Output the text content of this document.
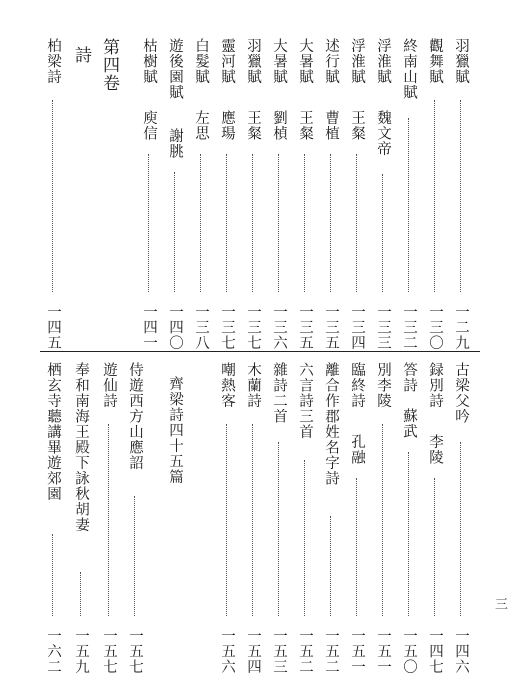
羽獵賦
一二九
觀舞賦
一三〇
終南山賦
一三二
浮淮賦
魏文帝
一三三
浮淮賦
王粲
一三四
述行賦
曹植
一三五
大暑賦
王粲
一三五
大暑賦
劉楨
一三六
羽獵賦
王粲
一三七
靈河賦
應瑒
一三七
白髮賦
左思
一三八
遊後園賦
謝朓
一四〇
枯樹賦
庾信
一四一
第四卷
詩
柏梁詩
一四五
古梁父吟
一四六
録別詩
李陵
一四七
答詩
蘇武
一五〇
別李陵
一五一
臨終詩
孔融
一五一
離合作郡姓名字詩
一五二
六言詩三首
一五二
雜詩二首
一五三
木蘭詩
一五四
嘲熱客
一五六
齊梁詩四十五篇
侍遊西方山應詔
一五七
遊仙詩
一五七
奉和南海王殿下詠秋胡妻
一五九
栖玄寺聽講畢遊郊園
一六二
三
